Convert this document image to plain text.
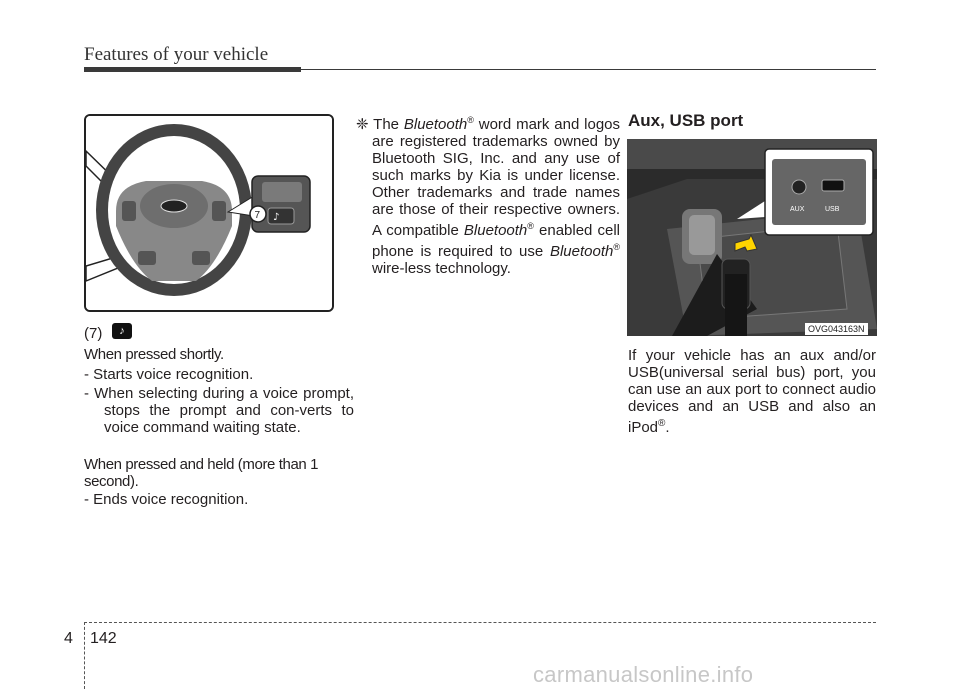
Features of your vehicle
♪
7
(7)	♪
When pressed shortly.
- Starts voice recognition.
- When selecting during a voice prompt, stops the prompt and con-verts to voice command waiting state.
When pressed and held (more than 1 second).
- Ends voice recognition.
❈ The Bluetooth® word mark and logos are registered trademarks owned by Bluetooth SIG, Inc. and any use of such marks by Kia is under license. Other trademarks and trade names are those of their respective owners. A compatible Bluetooth® enabled cell phone is required to use Bluetooth® wire-less technology.
Aux, USB port
AUX	USB
OVG043163N
If your vehicle has an aux and/or USB(universal serial bus) port, you can use an aux port to connect audio devices and an USB and also an iPod®.
4 142
carmanualsonline.info
